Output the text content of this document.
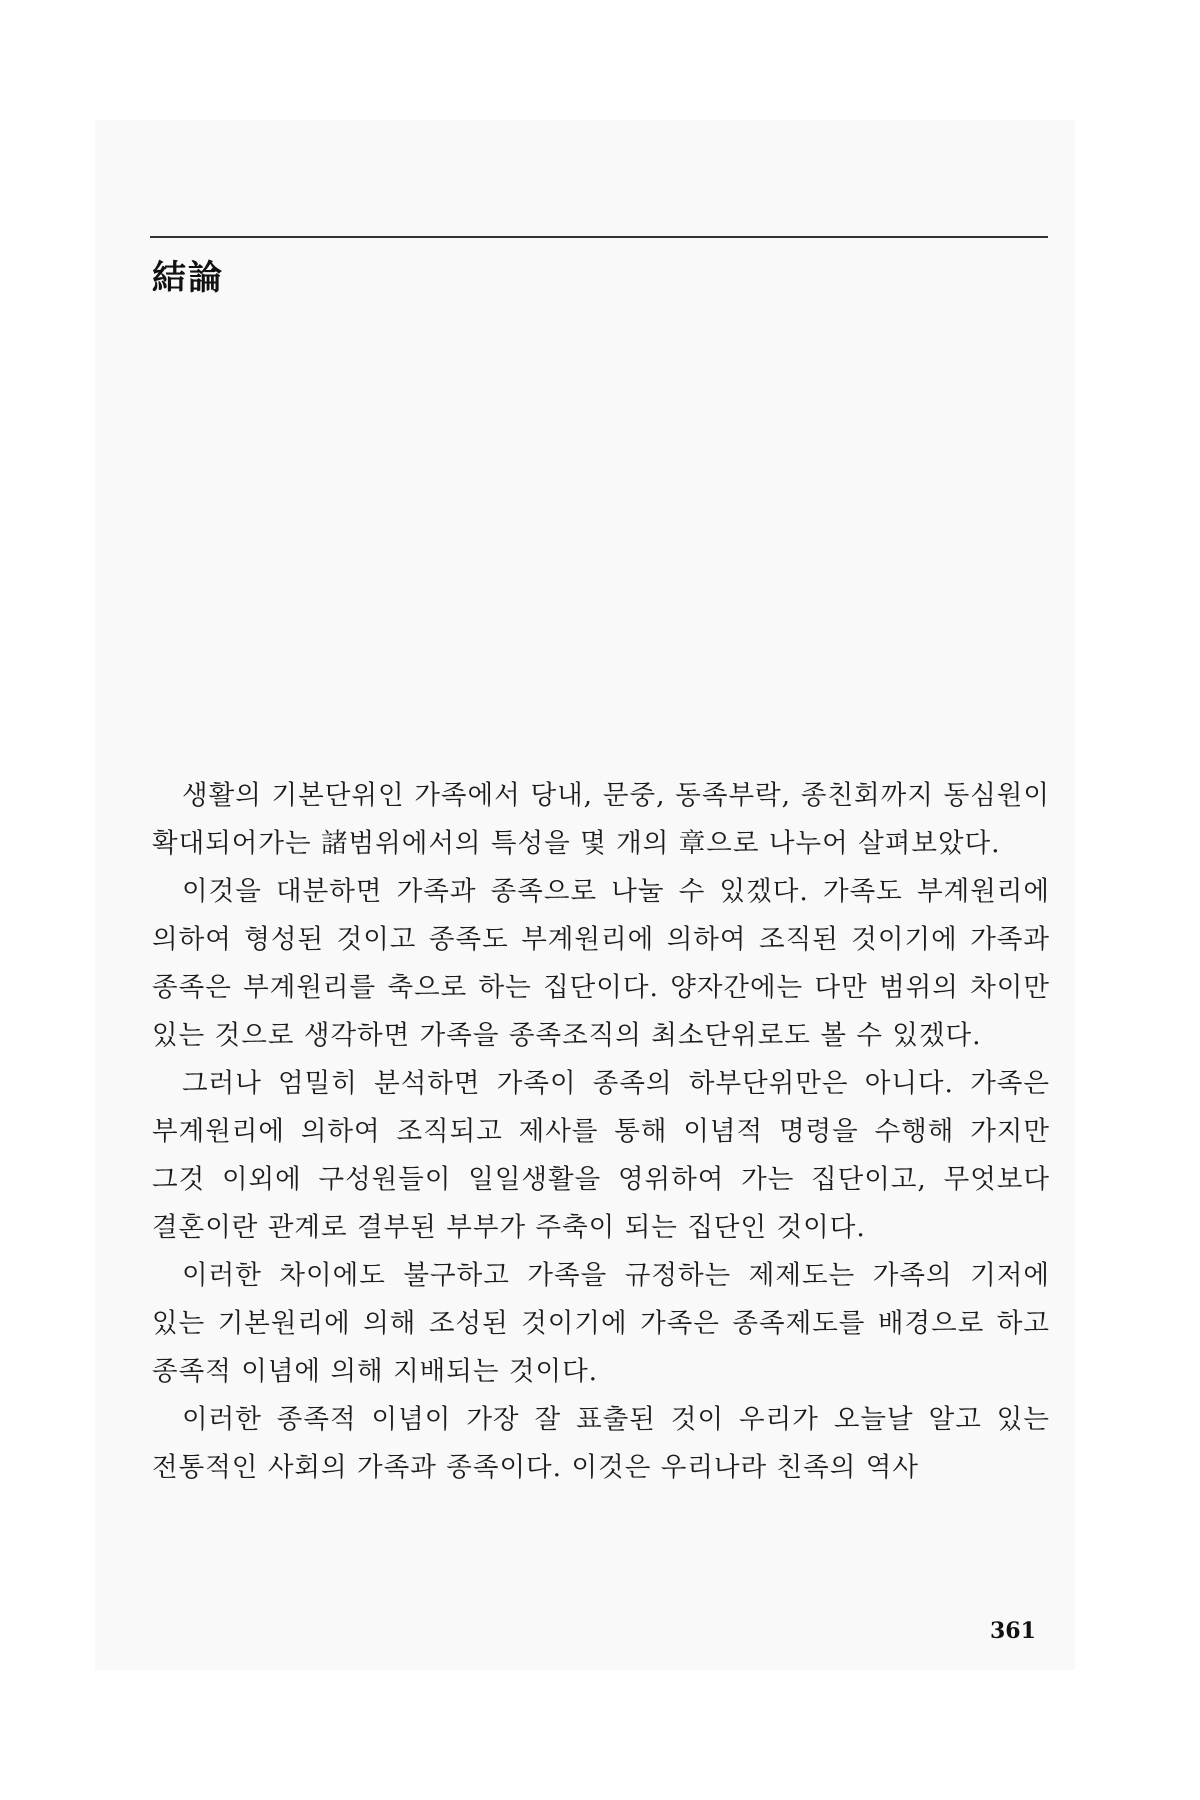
結論

생활의 기본단위인 가족에서 당내, 문중, 동족부락, 종친회까지 동심원이 확대되어가는 諸범위에서의 특성을 몇 개의 章으로 나누어 살펴보았다.

이것을 대분하면 가족과 종족으로 나눌 수 있겠다. 가족도 부계원리에 의하여 형성된 것이고 종족도 부계원리에 의하여 조직된 것이기에 가족과 종족은 부계원리를 축으로 하는 집단이다. 양자간에는 다만 범위의 차이만 있는 것으로 생각하면 가족을 종족조직의 최소단위로도 볼 수 있겠다.

그러나 엄밀히 분석하면 가족이 종족의 하부단위만은 아니다. 가족은 부계원리에 의하여 조직되고 제사를 통해 이념적 명령을 수행해 가지만 그것 이외에 구성원들이 일일생활을 영위하여 가는 집단이고, 무엇보다 결혼이란 관계로 결부된 부부가 주축이 되는 집단인 것이다.

이러한 차이에도 불구하고 가족을 규정하는 제제도는 가족의 기저에 있는 기본원리에 의해 조성된 것이기에 가족은 종족제도를 배경으로 하고 종족적 이념에 의해 지배되는 것이다.

이러한 종족적 이념이 가장 잘 표출된 것이 우리가 오늘날 알고 있는 전통적인 사회의 가족과 종족이다. 이것은 우리나라 친족의 역사

361
